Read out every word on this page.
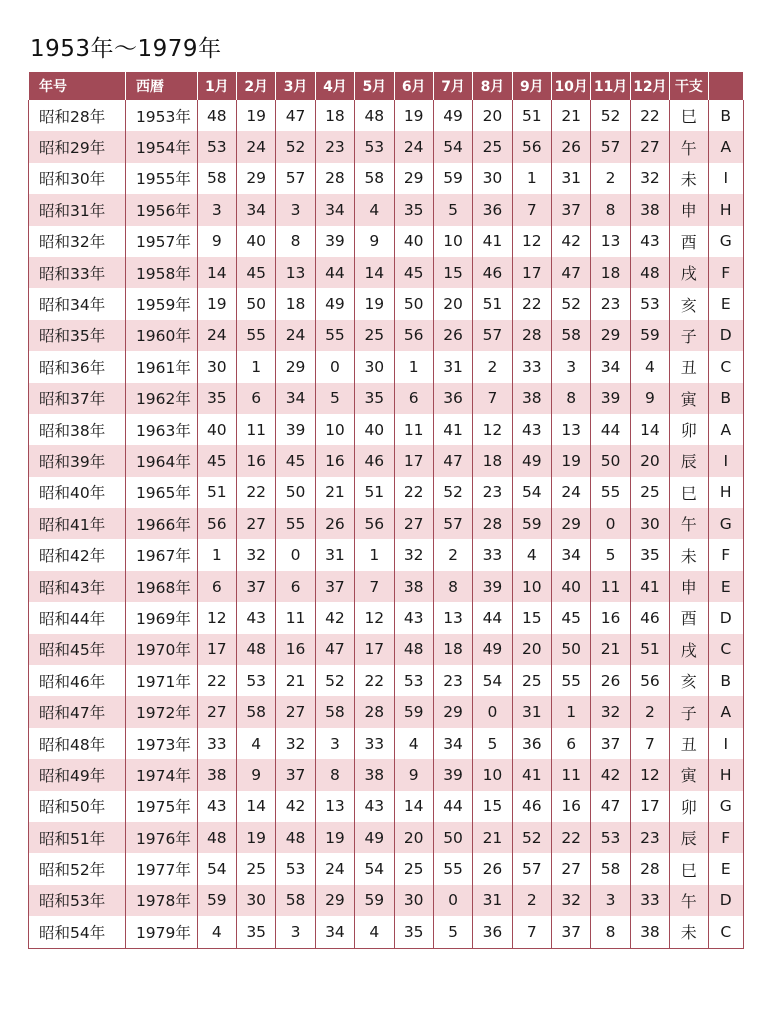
1953年～1979年
年号	西暦	1月	2月	3月	4月	5月	6月	7月	8月	9月	10月	11月	12月	干支	
昭和28年	1953年	48	19	47	18	48	19	49	20	51	21	52	22	巳	B
昭和29年	1954年	53	24	52	23	53	24	54	25	56	26	57	27	午	A
昭和30年	1955年	58	29	57	28	58	29	59	30	1	31	2	32	未	I
昭和31年	1956年	3	34	3	34	4	35	5	36	7	37	8	38	申	H
昭和32年	1957年	9	40	8	39	9	40	10	41	12	42	13	43	酉	G
昭和33年	1958年	14	45	13	44	14	45	15	46	17	47	18	48	戌	F
昭和34年	1959年	19	50	18	49	19	50	20	51	22	52	23	53	亥	E
昭和35年	1960年	24	55	24	55	25	56	26	57	28	58	29	59	子	D
昭和36年	1961年	30	1	29	0	30	1	31	2	33	3	34	4	丑	C
昭和37年	1962年	35	6	34	5	35	6	36	7	38	8	39	9	寅	B
昭和38年	1963年	40	11	39	10	40	11	41	12	43	13	44	14	卯	A
昭和39年	1964年	45	16	45	16	46	17	47	18	49	19	50	20	辰	I
昭和40年	1965年	51	22	50	21	51	22	52	23	54	24	55	25	巳	H
昭和41年	1966年	56	27	55	26	56	27	57	28	59	29	0	30	午	G
昭和42年	1967年	1	32	0	31	1	32	2	33	4	34	5	35	未	F
昭和43年	1968年	6	37	6	37	7	38	8	39	10	40	11	41	申	E
昭和44年	1969年	12	43	11	42	12	43	13	44	15	45	16	46	酉	D
昭和45年	1970年	17	48	16	47	17	48	18	49	20	50	21	51	戌	C
昭和46年	1971年	22	53	21	52	22	53	23	54	25	55	26	56	亥	B
昭和47年	1972年	27	58	27	58	28	59	29	0	31	1	32	2	子	A
昭和48年	1973年	33	4	32	3	33	4	34	5	36	6	37	7	丑	I
昭和49年	1974年	38	9	37	8	38	9	39	10	41	11	42	12	寅	H
昭和50年	1975年	43	14	42	13	43	14	44	15	46	16	47	17	卯	G
昭和51年	1976年	48	19	48	19	49	20	50	21	52	22	53	23	辰	F
昭和52年	1977年	54	25	53	24	54	25	55	26	57	27	58	28	巳	E
昭和53年	1978年	59	30	58	29	59	30	0	31	2	32	3	33	午	D
昭和54年	1979年	4	35	3	34	4	35	5	36	7	37	8	38	未	C
